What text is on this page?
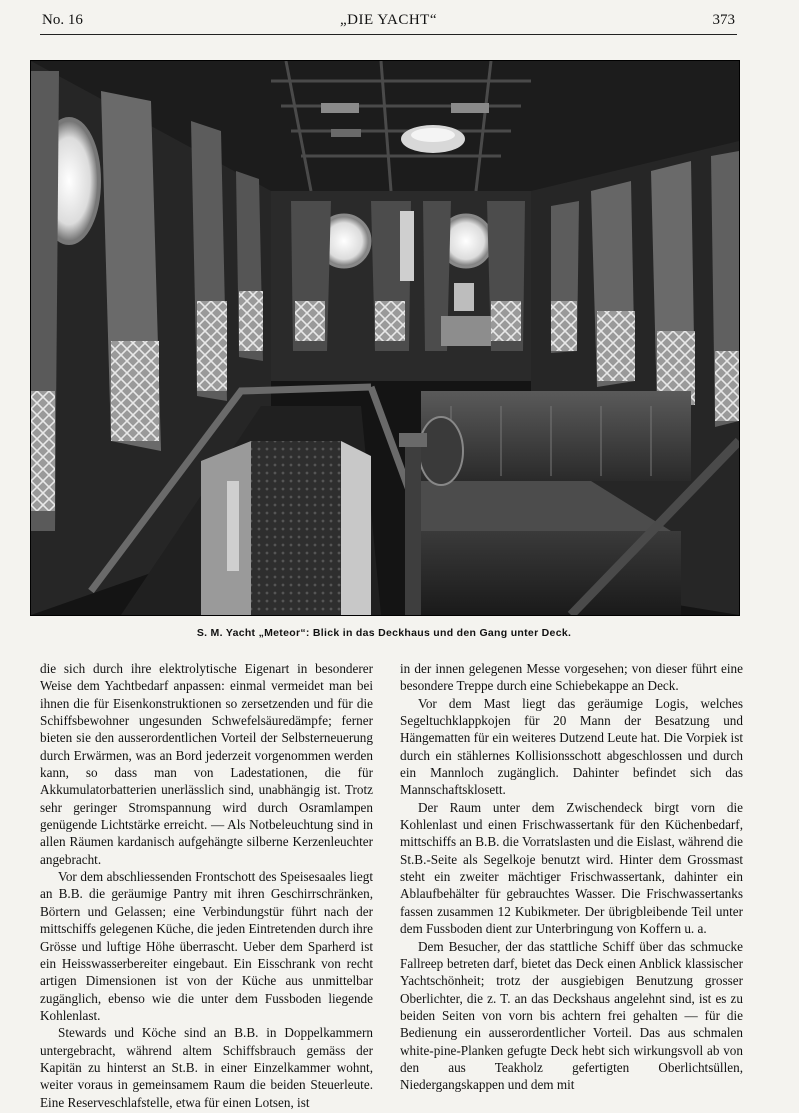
No. 16	„DIE YACHT“	373
S. M. Yacht „Meteor“: Blick in das Deckhaus und den Gang unter Deck.

die sich durch ihre elektrolytische Eigenart in besonderer Weise dem Yachtbedarf anpassen: einmal vermeidet man bei ihnen die für Eisenkonstruktionen so zersetzenden und für die Schiffsbewohner ungesunden Schwefelsäuredämpfe; ferner bieten sie den ausserordentlichen Vorteil der Selbsterneuerung durch Erwärmen, was an Bord jederzeit vorgenommen werden kann, so dass man von Ladestationen, die für Akkumulatorbatterien unerlässlich sind, unabhängig ist. Trotz sehr geringer Stromspannung wird durch Osramlampen genügende Lichtstärke erreicht. — Als Notbeleuchtung sind in allen Räumen kardanisch aufgehängte silberne Kerzenleuchter angebracht.

Vor dem abschliessenden Frontschott des Speisesaales liegt an B.B. die geräumige Pantry mit ihren Geschirrschränken, Börtern und Gelassen; eine Verbindungstür führt nach der mittschiffs gelegenen Küche, die jeden Eintretenden durch ihre Grösse und luftige Höhe überrascht. Ueber dem Sparherd ist ein Heisswasserbereiter eingebaut. Ein Eisschrank von recht artigen Dimensionen ist von der Küche aus unmittelbar zugänglich, ebenso wie die unter dem Fussboden liegende Kohlenlast.

Stewards und Köche sind an B.B. in Doppelkammern untergebracht, während altem Schiffsbrauch gemäss der Kapitän zu hinterst an St.B. in einer Einzelkammer wohnt, weiter voraus in gemeinsamem Raum die beiden Steuerleute. Eine Reserveschlafstelle, etwa für einen Lotsen, ist

in der innen gelegenen Messe vorgesehen; von dieser führt eine besondere Treppe durch eine Schiebekappe an Deck.

Vor dem Mast liegt das geräumige Logis, welches Segeltuchklappkojen für 20 Mann der Besatzung und Hängematten für ein weiteres Dutzend Leute hat. Die Vorpiek ist durch ein stählernes Kollisionsschott abgeschlossen und durch ein Mannloch zugänglich. Dahinter befindet sich das Mannschaftsklosett.

Der Raum unter dem Zwischendeck birgt vorn die Kohlenlast und einen Frischwassertank für den Küchenbedarf, mittschiffs an B.B. die Vorratslasten und die Eislast, während die St.B.-Seite als Segelkoje benutzt wird. Hinter dem Grossmast steht ein zweiter mächtiger Frischwassertank, dahinter ein Ablaufbehälter für gebrauchtes Wasser. Die Frischwassertanks fassen zusammen 12 Kubikmeter. Der übrigbleibende Teil unter dem Fussboden dient zur Unterbringung von Koffern u. a.

Dem Besucher, der das stattliche Schiff über das schmucke Fallreep betreten darf, bietet das Deck einen Anblick klassischer Yachtschönheit; trotz der ausgiebigen Benutzung grosser Oberlichter, die z. T. an das Deckshaus angelehnt sind, ist es zu beiden Seiten von vorn bis achtern frei gehalten — für die Bedienung ein ausserordentlicher Vorteil. Das aus schmalen white-pine-Planken gefugte Deck hebt sich wirkungsvoll ab von den aus Teakholz gefertigten Oberlichtsüllen, Niedergangskappen und dem mit
